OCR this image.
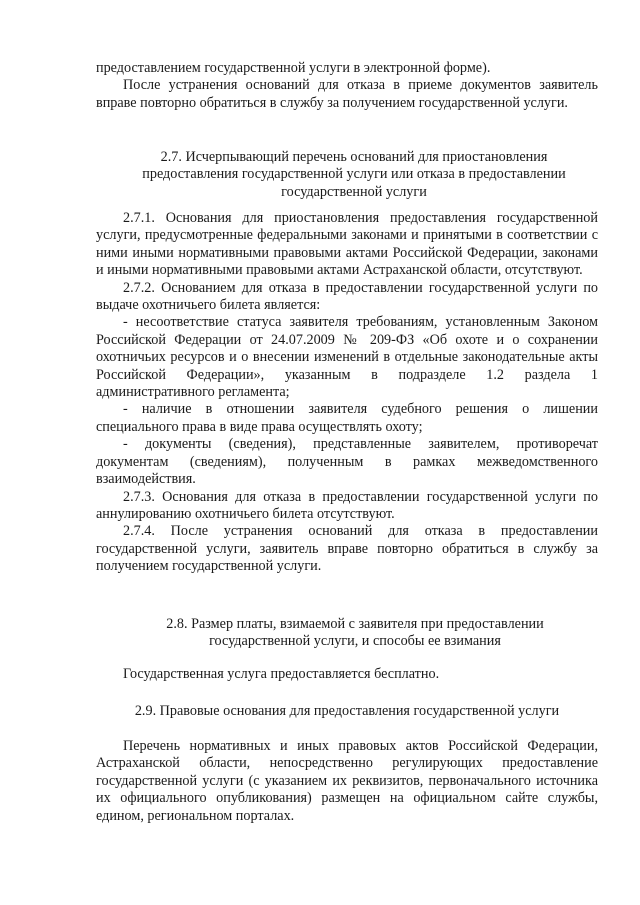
предоставлением государственной услуги в электронной форме).

После устранения оснований для отказа в приеме документов заявитель вправе повторно обратиться в службу за получением государственной услуги.

2.7. Исчерпывающий перечень оснований для приостановления предоставления государственной услуги или отказа в предоставлении государственной услуги

2.7.1. Основания для приостановления предоставления государственной услуги, предусмотренные федеральными законами и принятыми в соответствии с ними иными нормативными правовыми актами Российской Федерации, законами и иными нормативными правовыми актами Астраханской области, отсутствуют.

2.7.2. Основанием для отказа в предоставлении государственной услуги по выдаче охотничьего билета является:

- несоответствие статуса заявителя требованиям, установленным Законом Российской Федерации от 24.07.2009 № 209-ФЗ «Об охоте и о сохранении охотничьих ресурсов и о внесении изменений в отдельные законодательные акты Российской Федерации», указанным в подразделе 1.2 раздела 1 административного регламента;

- наличие в отношении заявителя судебного решения о лишении специального права в виде права осуществлять охоту;

- документы (сведения), представленные заявителем, противоречат документам (сведениям), полученным в рамках межведомственного взаимодействия.

2.7.3. Основания для отказа в предоставлении государственной услуги по аннулированию охотничьего билета отсутствуют.

2.7.4. После устранения оснований для отказа в предоставлении государственной услуги, заявитель вправе повторно обратиться в службу за получением государственной услуги.

2.8. Размер платы, взимаемой с заявителя при предоставлении государственной услуги, и способы ее взимания

Государственная услуга предоставляется бесплатно.

2.9. Правовые основания для предоставления государственной услуги

Перечень нормативных и иных правовых актов Российской Федерации, Астраханской области, непосредственно регулирующих предоставление государственной услуги (с указанием их реквизитов, первоначального источника их официального опубликования) размещен на официальном сайте службы, едином, региональном порталах.
